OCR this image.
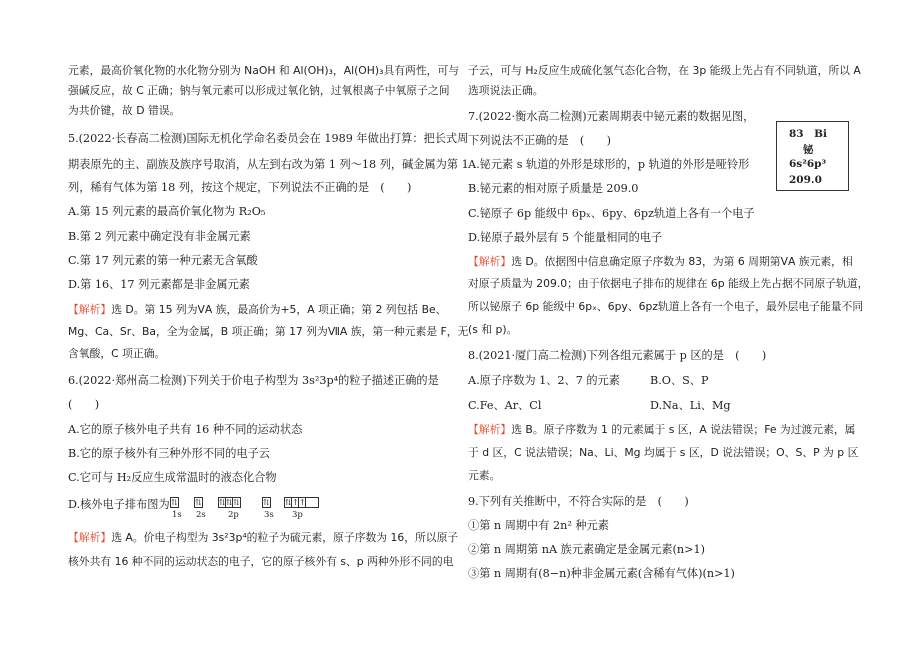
元素，最高价氧化物的水化物分别为 NaOH 和 Al(OH)₃，Al(OH)₃具有两性，可与
强碱反应，故 C 正确；钠与氧元素可以形成过氧化钠，过氧根离子中氧原子之间
为共价键，故 D 错误。
5.(2022·长春高二检测)国际无机化学命名委员会在 1989 年做出打算：把长式周
期表原先的主、副族及族序号取消，从左到右改为第 1 列～18 列，碱金属为第 1
列，稀有气体为第 18 列，按这个规定，下列说法不正确的是　(　　)
A.第 15 列元素的最高价氧化物为 R₂O₅
B.第 2 列元素中确定没有非金属元素
C.第 17 列元素的第一种元素无含氧酸
D.第 16、17 列元素都是非金属元素
【解析】选 D。第 15 列为ⅤA 族，最高价为+5，A 项正确；第 2 列包括 Be、
Mg、Ca、Sr、Ba，全为金属，B 项正确；第 17 列为ⅦA 族，第一种元素是 F，无
含氧酸，C 项正确。
6.(2022·郑州高二检测)下列关于价电子构型为 3s²3p⁴的粒子描述正确的是
(　　)
A.它的原子核外电子共有 16 种不同的运动状态
B.它的原子核外有三种外形不同的电子云
C.它可与 H₂反应生成常温时的液态化合物
D.核外电子排布图为
【解析】选 A。价电子构型为 3s²3p⁴的粒子为硫元素，原子序数为 16，所以原子
核外共有 16 种不同的运动状态的电子，它的原子核外有 s、p 两种外形不同的电
⇅ ⇅ ⇅ ⇅ ⇅	⇅ ⇅ ↑ ↑
1s 2s	2p	3s 3p
子云，可与 H₂反应生成硫化氢气态化合物，在 3p 能级上先占有不同轨道，所以 A
选项说法正确。
7.(2022·衡水高二检测)元素周期表中铋元素的数据见图，
下列说法不正确的是　(　　)
A.铋元素 s 轨道的外形是球形的，p 轨道的外形是哑铃形
B.铋元素的相对原子质量是 209.0
C.铋原子 6p 能级中 6pₓ、6py、6pz轨道上各有一个电子
D.铋原子最外层有 5 个能量相同的电子
【解析】选 D。依据图中信息确定原子序数为 83，为第 6 周期第ⅤA 族元素，相
对原子质量为 209.0；由于依据电子排布的规律在 6p 能级上先占据不同原子轨道，
所以铋原子 6p 能级中 6pₓ、6py、6pz轨道上各有一个电子，最外层电子能量不同
(s 和 p)。
8.(2021·厦门高二检测)下列各组元素属于 p 区的是　(　　)
A.原子序数为 1、2、7 的元素	B.O、S、P
C.Fe、Ar、Cl	D.Na、Li、Mg
【解析】选 B。原子序数为 1 的元素属于 s 区，A 说法错误；Fe 为过渡元素，属
于 d 区，C 说法错误；Na、Li、Mg 均属于 s 区，D 说法错误；O、S、P 为 p 区
元素。
9.下列有关推断中，不符合实际的是　(　　)
①第 n 周期中有 2n² 种元素
②第 n 周期第 nA 族元素确定是金属元素(n>1)
③第 n 周期有(8−n)种非金属元素(含稀有气体)(n>1)
83　Bi
铋
6s²6p³
209.0
